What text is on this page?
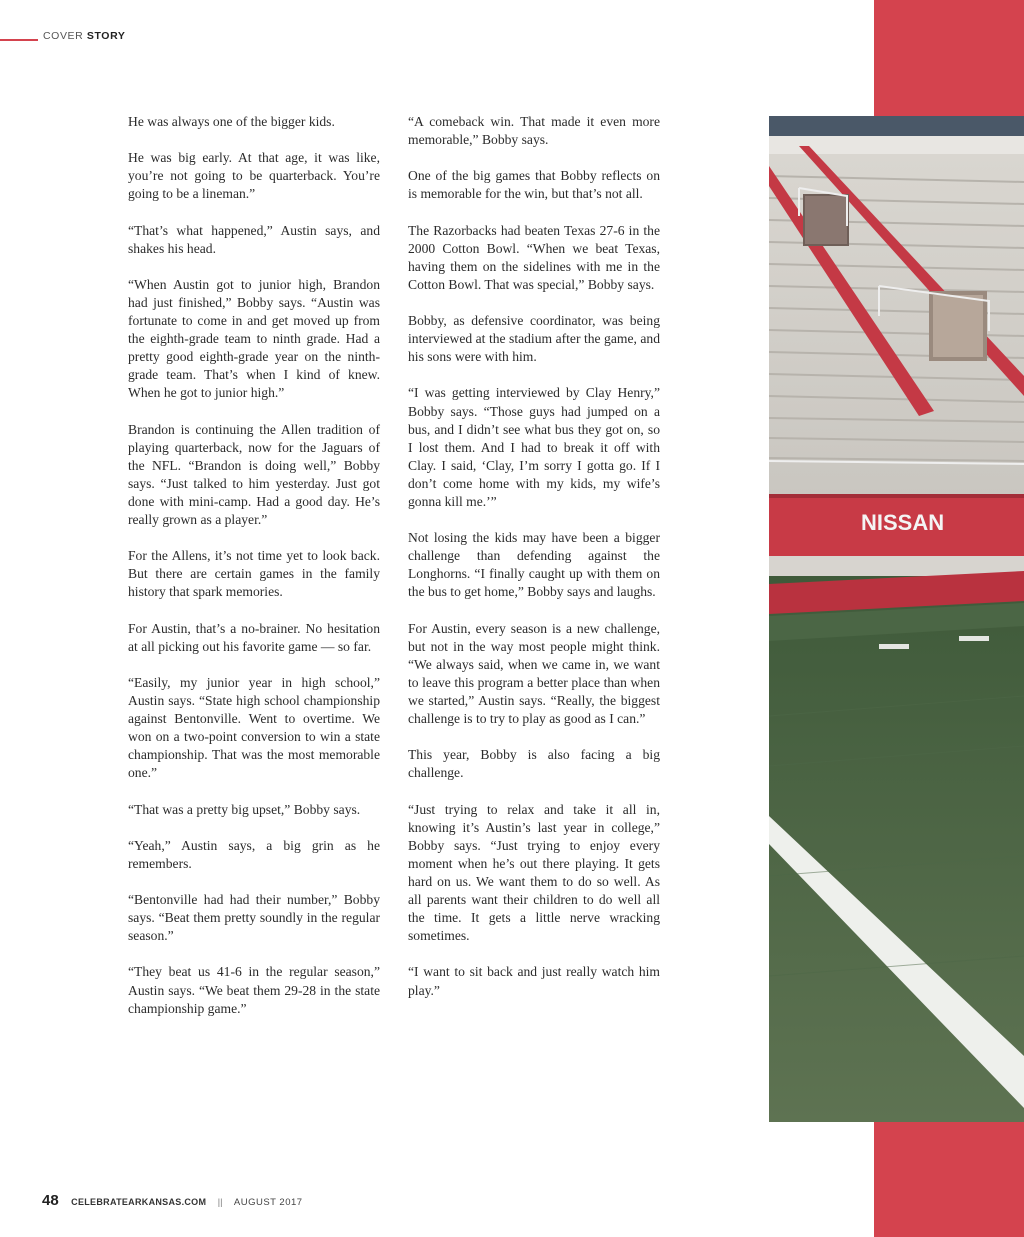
COVER STORY
NISSAN

He was always one of the bigger kids.

He was big early. At that age, it was like, you’re not going to be quarterback. You’re going to be a lineman.”

“That’s what happened,” Austin says, and shakes his head.

“When Austin got to junior high, Brandon had just finished,” Bobby says. “Austin was fortunate to come in and get moved up from the eighth-grade team to ninth grade. Had a pretty good eighth-grade year on the ninth-grade team. That’s when I kind of knew. When he got to junior high.”

Brandon is continuing the Allen tradition of playing quarterback, now for the Jaguars of the NFL. “Brandon is doing well,” Bobby says. “Just talked to him yesterday. Just got done with mini-camp. Had a good day. He’s really grown as a player.”

For the Allens, it’s not time yet to look back. But there are certain games in the family history that spark memories.

For Austin, that’s a no-brainer. No hesitation at all picking out his favorite game — so far.

“Easily, my junior year in high school,” Austin says. “State high school championship against Bentonville. Went to overtime. We won on a two-point conversion to win a state championship. That was the most memorable one.”

“That was a pretty big upset,” Bobby says.

“Yeah,” Austin says, a big grin as he remembers.

“Bentonville had had their number,” Bobby says. “Beat them pretty soundly in the regular season.”

“They beat us 41-6 in the regular season,” Austin says. “We beat them 29-28 in the state championship game.”

“A comeback win. That made it even more memorable,” Bobby says.

One of the big games that Bobby reflects on is memorable for the win, but that’s not all.

The Razorbacks had beaten Texas 27-6 in the 2000 Cotton Bowl. “When we beat Texas, having them on the sidelines with me in the Cotton Bowl. That was special,” Bobby says.

Bobby, as defensive coordinator, was being interviewed at the stadium after the game, and his sons were with him.

“I was getting interviewed by Clay Henry,” Bobby says. “Those guys had jumped on a bus, and I didn’t see what bus they got on, so I lost them. And I had to break it off with Clay. I said, ‘Clay, I’m sorry I gotta go. If I don’t come home with my kids, my wife’s gonna kill me.’”

Not losing the kids may have been a bigger challenge than defending against the Longhorns. “I finally caught up with them on the bus to get home,” Bobby says and laughs.

For Austin, every season is a new challenge, but not in the way most people might think. “We always said, when we came in, we want to leave this program a better place than when we started,” Austin says. “Really, the biggest challenge is to try to play as good as I can.”

This year, Bobby is also facing a big challenge.

“Just trying to relax and take it all in, knowing it’s Austin’s last year in college,” Bobby says. “Just trying to enjoy every moment when he’s out there playing. It gets hard on us. We want them to do so well. As all parents want their children to do well all the time. It gets a little nerve wracking sometimes.

“I want to sit back and just really watch him play.”

48 CELEBRATEARKANSAS.COM || AUGUST 2017
